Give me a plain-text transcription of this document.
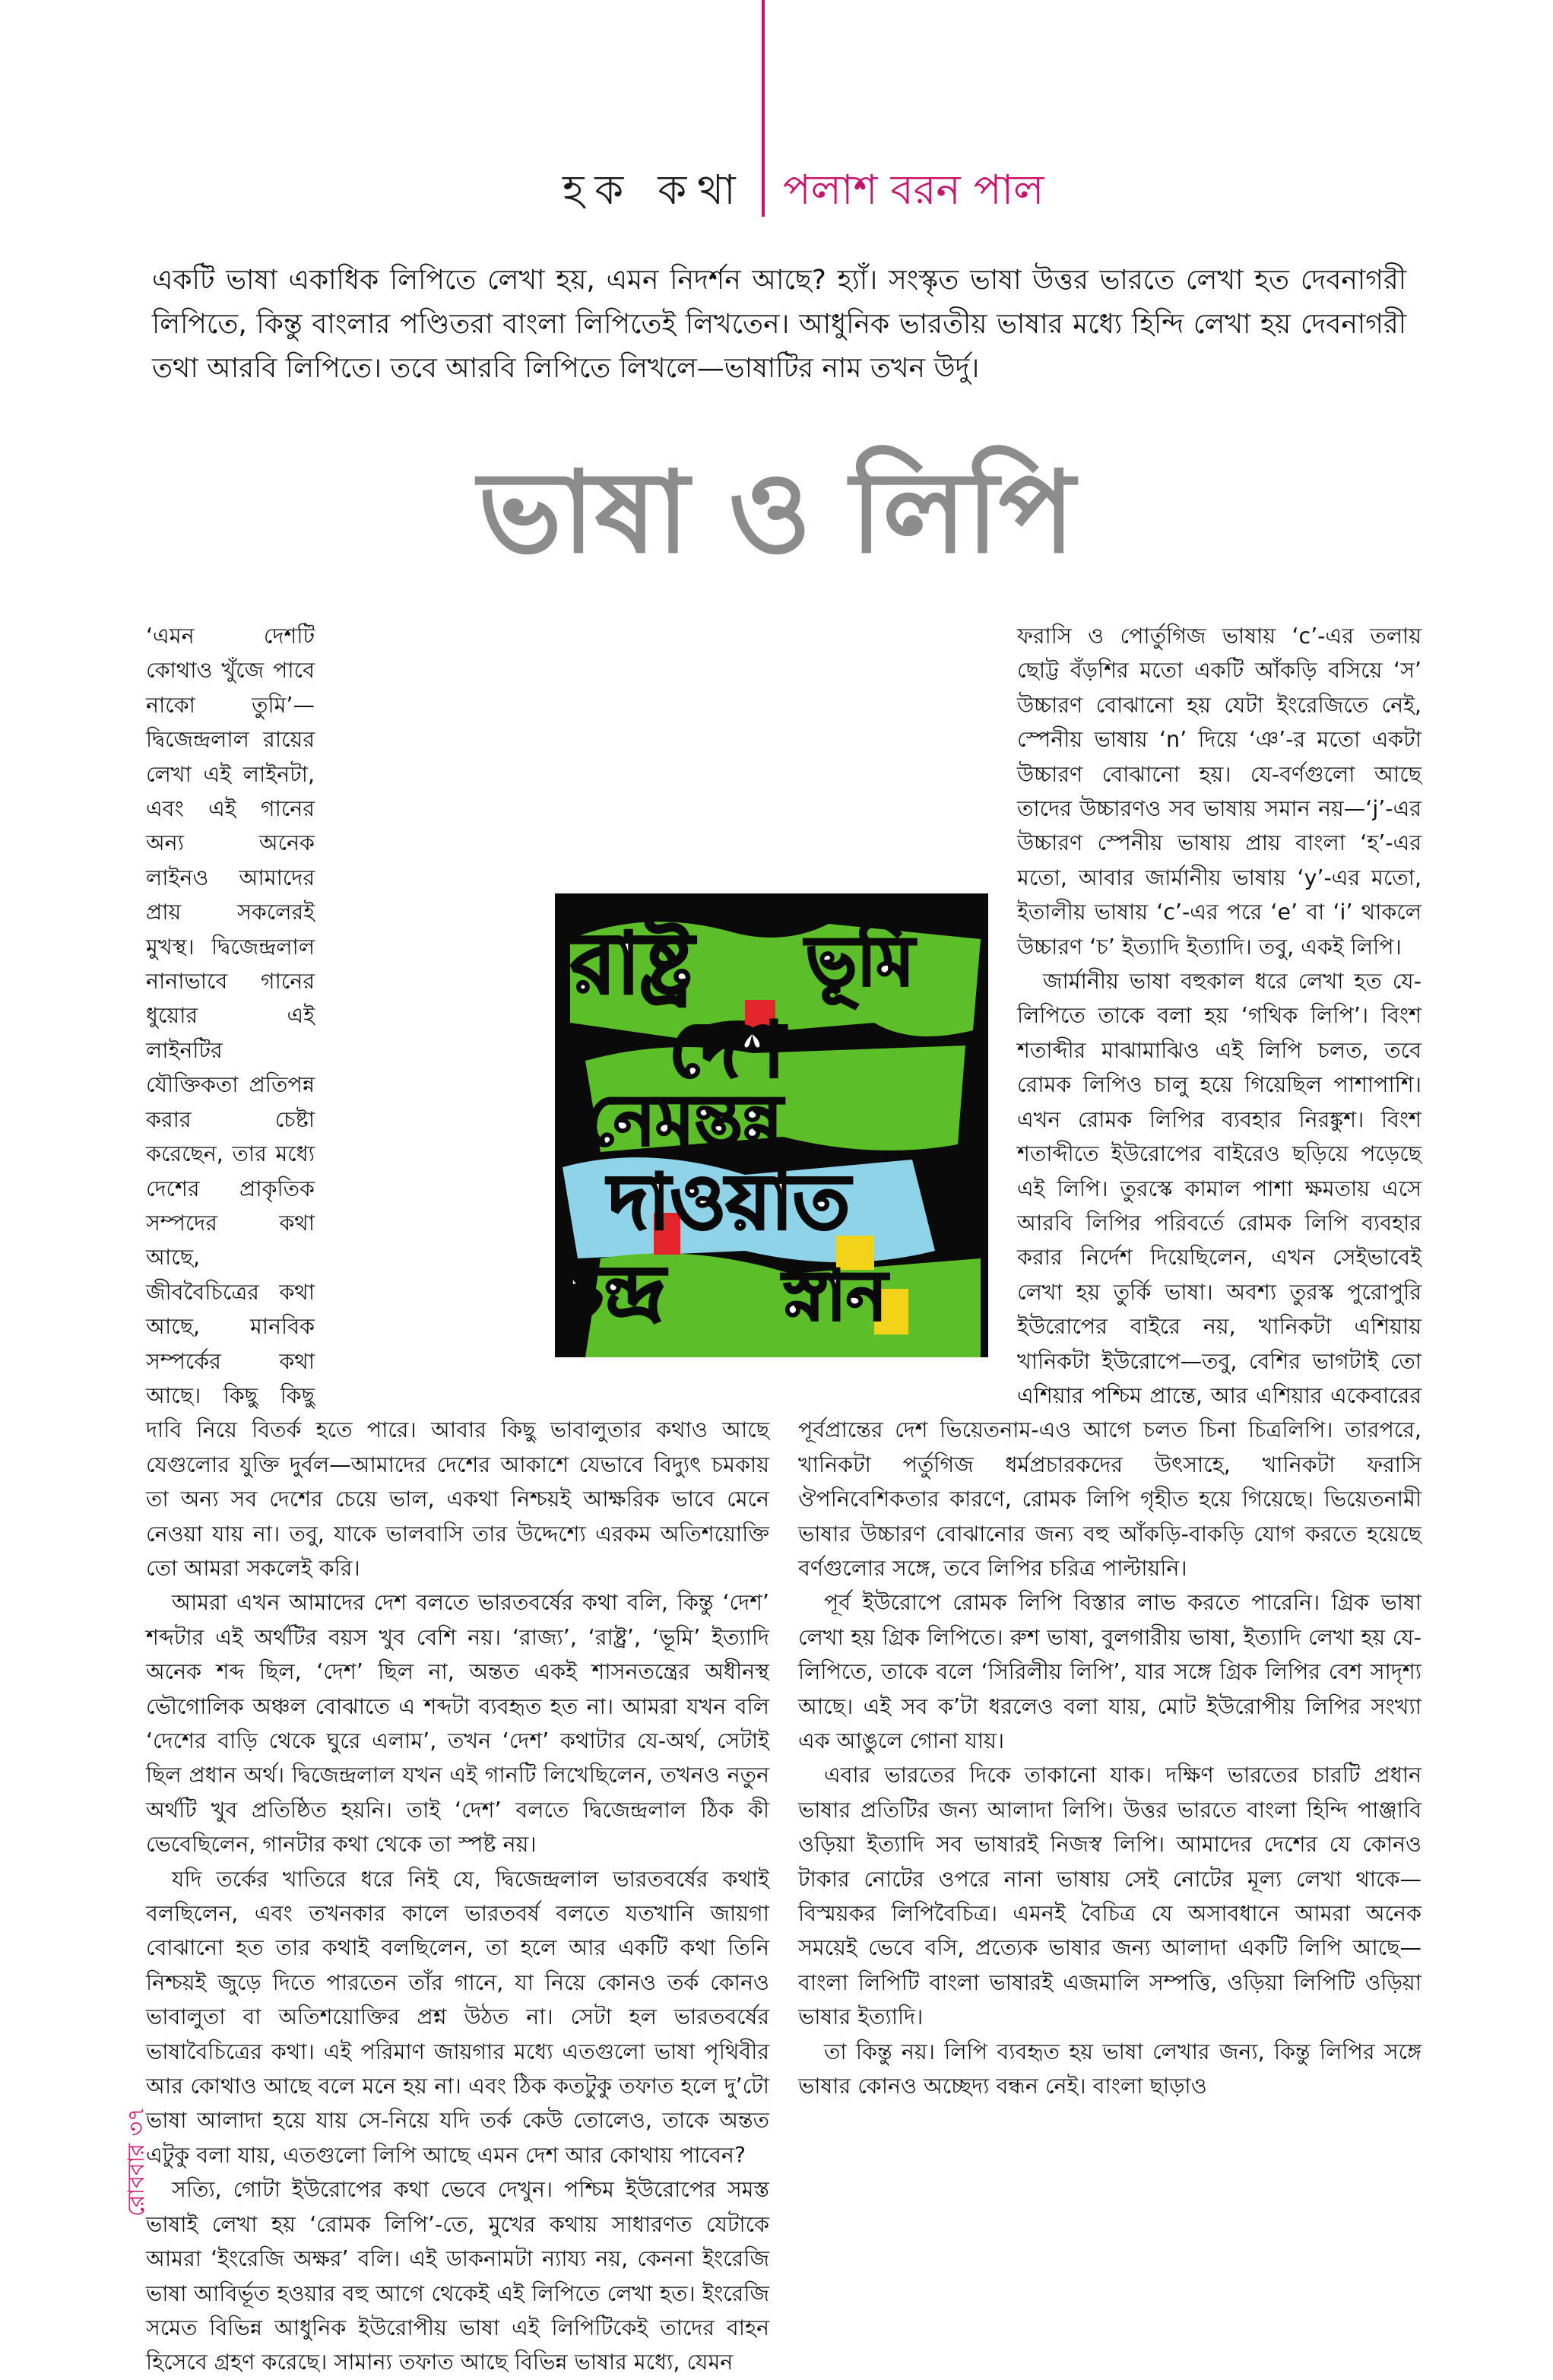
হক কথা পলাশ বরন পাল

একটি ভাষা একাধিক লিপিতে লেখা হয়, এমন নিদর্শন আছে? হ্যাঁ। সংস্কৃত ভাষা উত্তর ভারতে লেখা হত দেবনাগরী লিপিতে, কিন্তু বাংলার পণ্ডিতরা বাংলা লিপিতেই লিখতেন। আধুনিক ভারতীয় ভাষার মধ্যে হিন্দি লেখা হয় দেবনাগরী তথা আরবি লিপিতে। তবে আরবি লিপিতে লিখলে—ভাষাটির নাম তখন উর্দু।

ভাষা ও লিপি

‘এমন দেশটি কোথাও খুঁজে পাবে নাকো তুমি’—দ্বিজেন্দ্রলাল রায়ের লেখা এই লাইনটা, এবং এই গানের অন্য অনেক লাইনও আমাদের প্রায় সকলেরই মুখস্থ। দ্বিজেন্দ্রলাল নানাভাবে গানের ধুয়োর এই লাইনটির যৌক্তিকতা প্রতিপন্ন করার চেষ্টা করেছেন, তার মধ্যে দেশের প্রাকৃতিক সম্পদের কথা আছে, জীববৈচিত্রের কথা আছে, মানবিক সম্পর্কের কথা আছে। কিছু কিছু দাবি নিয়ে বিতর্ক হতে পারে। আবার কিছু ভাবালুতার কথাও আছে যেগুলোর যুক্তি দুর্বল—আমাদের দেশের আকাশে যেভাবে বিদ্যুৎ চমকায় তা অন্য সব দেশের চেয়ে ভাল, একথা নিশ্চয়ই আক্ষরিক ভাবে মেনে নেওয়া যায় না। তবু, যাকে ভালবাসি তার উদ্দেশ্যে এরকম অতিশয়োক্তি তো আমরা সকলেই করি।

আমরা এখন আমাদের দেশ বলতে ভারতবর্ষের কথা বলি, কিন্তু ‘দেশ’ শব্দটার এই অর্থটির বয়স খুব বেশি নয়। ‘রাজ্য’, ‘রাষ্ট্র’, ‘ভূমি’ ইত্যাদি অনেক শব্দ ছিল, ‘দেশ’ ছিল না, অন্তত একই শাসনতন্ত্রের অধীনস্থ ভৌগোলিক অঞ্চল বোঝাতে এ শব্দটা ব্যবহৃত হত না। আমরা যখন বলি ‘দেশের বাড়ি থেকে ঘুরে এলাম’, তখন ‘দেশ’ কথাটার যে-অর্থ, সেটাই ছিল প্রধান অর্থ। দ্বিজেন্দ্রলাল যখন এই গানটি লিখেছিলেন, তখনও নতুন অর্থটি খুব প্রতিষ্ঠিত হয়নি। তাই ‘দেশ’ বলতে দ্বিজেন্দ্রলাল ঠিক কী ভেবেছিলেন, গানটার কথা থেকে তা স্পষ্ট নয়।

যদি তর্কের খাতিরে ধরে নিই যে, দ্বিজেন্দ্রলাল ভারতবর্ষের কথাই বলছিলেন, এবং তখনকার কালে ভারতবর্ষ বলতে যতখানি জায়গা বোঝানো হত তার কথাই বলছিলেন, তা হলে আর একটি কথা তিনি নিশ্চয়ই জুড়ে দিতে পারতেন তাঁর গানে, যা নিয়ে কোনও তর্ক কোনও ভাবালুতা বা অতিশয়োক্তির প্রশ্ন উঠত না। সেটা হল ভারতবর্ষের ভাষাবৈচিত্রের কথা। এই পরিমাণ জায়গার মধ্যে এতগুলো ভাষা পৃথিবীর আর কোথাও আছে বলে মনে হয় না। এবং ঠিক কতটুকু তফাত হলে দু’টো ভাষা আলাদা হয়ে যায় সে-নিয়ে যদি তর্ক কেউ তোলেও, তাকে অন্তত এটুকু বলা যায়, এতগুলো লিপি আছে এমন দেশ আর কোথায় পাবেন?

সত্যি, গোটা ইউরোপের কথা ভেবে দেখুন। পশ্চিম ইউরোপের সমস্ত ভাষাই লেখা হয় ‘রোমক লিপি’-তে, মুখের কথায় সাধারণত যেটাকে আমরা ‘ইংরেজি অক্ষর’ বলি। এই ডাকনামটা ন্যায্য নয়, কেননা ইংরেজি ভাষা আবির্ভূত হওয়ার বহু আগে থেকেই এই লিপিতে লেখা হত। ইংরেজি সমেত বিভিন্ন আধুনিক ইউরোপীয় ভাষা এই লিপিটিকেই তাদের বাহন হিসেবে গ্রহণ করেছে। সামান্য তফাত আছে বিভিন্ন ভাষার মধ্যে, যেমন

ফরাসি ও পোর্তুগিজ ভাষায় ‘c’-এর তলায় ছোট্ট বঁড়শির মতো একটি আঁকড়ি বসিয়ে ‘স’ উচ্চারণ বোঝানো হয় যেটা ইংরেজিতে নেই, স্পেনীয় ভাষায় ‘n’ দিয়ে ‘ঞ’-র মতো একটা উচ্চারণ বোঝানো হয়। যে-বর্ণগুলো আছে তাদের উচ্চারণও সব ভাষায় সমান নয়—‘j’-এর উচ্চারণ স্পেনীয় ভাষায় প্রায় বাংলা ‘হ’-এর মতো, আবার জার্মানীয় ভাষায় ‘y’-এর মতো, ইতালীয় ভাষায় ‘c’-এর পরে ‘e’ বা ‘i’ থাকলে উচ্চারণ ‘চ’ ইত্যাদি ইত্যাদি। তবু, একই লিপি।

জার্মানীয় ভাষা বহুকাল ধরে লেখা হত যে-লিপিতে তাকে বলা হয় ‘গথিক লিপি’। বিংশ শতাব্দীর মাঝামাঝিও এই লিপি চলত, তবে রোমক লিপিও চালু হয়ে গিয়েছিল পাশাপাশি। এখন রোমক লিপির ব্যবহার নিরঙ্কুশ। বিংশ শতাব্দীতে ইউরোপের বাইরেও ছড়িয়ে পড়েছে এই লিপি। তুরস্কে কামাল পাশা ক্ষমতায় এসে আরবি লিপির পরিবর্তে রোমক লিপি ব্যবহার করার নির্দেশ দিয়েছিলেন, এখন সেইভাবেই লেখা হয় তুর্কি ভাষা। অবশ্য তুরস্ক পুরোপুরি ইউরোপের বাইরে নয়, খানিকটা এশিয়ায় খানিকটা ইউরোপে—তবু, বেশির ভাগটাই তো এশিয়ার পশ্চিম প্রান্তে, আর এশিয়ার একেবারের পূর্বপ্রান্তের দেশ ভিয়েতনাম-এও আগে চলত চিনা চিত্রলিপি। তারপরে, খানিকটা পর্তুগিজ ধর্মপ্রচারকদের উৎসাহে, খানিকটা ফরাসি ঔপনিবেশিকতার কারণে, রোমক লিপি গৃহীত হয়ে গিয়েছে। ভিয়েতনামী ভাষার উচ্চারণ বোঝানোর জন্য বহু আঁকড়ি-বাকড়ি যোগ করতে হয়েছে বর্ণগুলোর সঙ্গে, তবে লিপির চরিত্র পাল্টায়নি।

পূর্ব ইউরোপে রোমক লিপি বিস্তার লাভ করতে পারেনি। গ্রিক ভাষা লেখা হয় গ্রিক লিপিতে। রুশ ভাষা, বুলগারীয় ভাষা, ইত্যাদি লেখা হয় যে-লিপিতে, তাকে বলে ‘সিরিলীয় লিপি’, যার সঙ্গে গ্রিক লিপির বেশ সাদৃশ্য আছে। এই সব ক’টা ধরলেও বলা যায়, মোট ইউরোপীয় লিপির সংখ্যা এক আঙুলে গোনা যায়।

এবার ভারতের দিকে তাকানো যাক। দক্ষিণ ভারতের চারটি প্রধান ভাষার প্রতিটির জন্য আলাদা লিপি। উত্তর ভারতে বাংলা হিন্দি পাঞ্জাবি ওড়িয়া ইত্যাদি সব ভাষারই নিজস্ব লিপি। আমাদের দেশের যে কোনও টাকার নোটের ওপরে নানা ভাষায় সেই নোটের মূল্য লেখা থাকে—বিস্ময়কর লিপিবৈচিত্র। এমনই বৈচিত্র যে অসাবধানে আমরা অনেক সময়েই ভেবে বসি, প্রত্যেক ভাষার জন্য আলাদা একটি লিপি আছে—বাংলা লিপিটি বাংলা ভাষারই এজমালি সম্পত্তি, ওড়িয়া লিপিটি ওড়িয়া ভাষার ইত্যাদি।

তা কিন্তু নয়। লিপি ব্যবহৃত হয় ভাষা লেখার জন্য, কিন্তু লিপির সঙ্গে ভাষার কোনও অচ্ছেদ্য বন্ধন নেই। বাংলা ছাড়াও

রাষ্ট্র ভূমি
দেশ
নেমন্তন্ন
দাওয়াত
চন্দ্র স্নান
রোববার ৩৭
